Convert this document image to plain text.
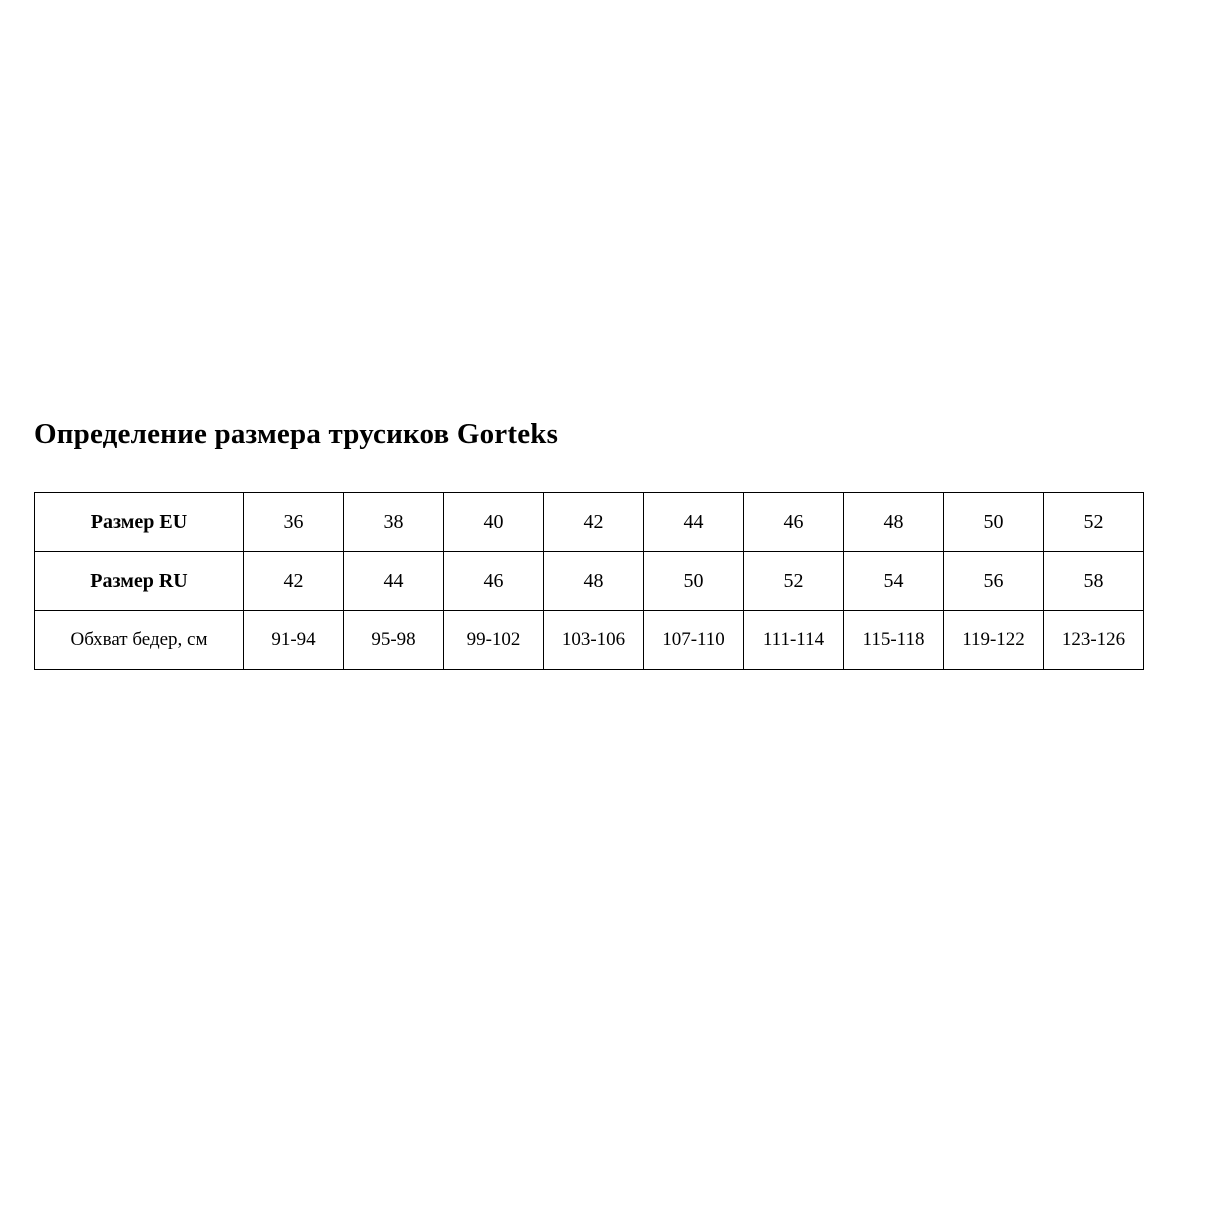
Определение размера трусиков Gorteks
Размер EU	36	38	40	42	44	46	48	50	52
Размер RU	42	44	46	48	50	52	54	56	58
Обхват бедер, см	91-94	95-98	99-102	103-106	107-110	111-114	115-118	119-122	123-126
